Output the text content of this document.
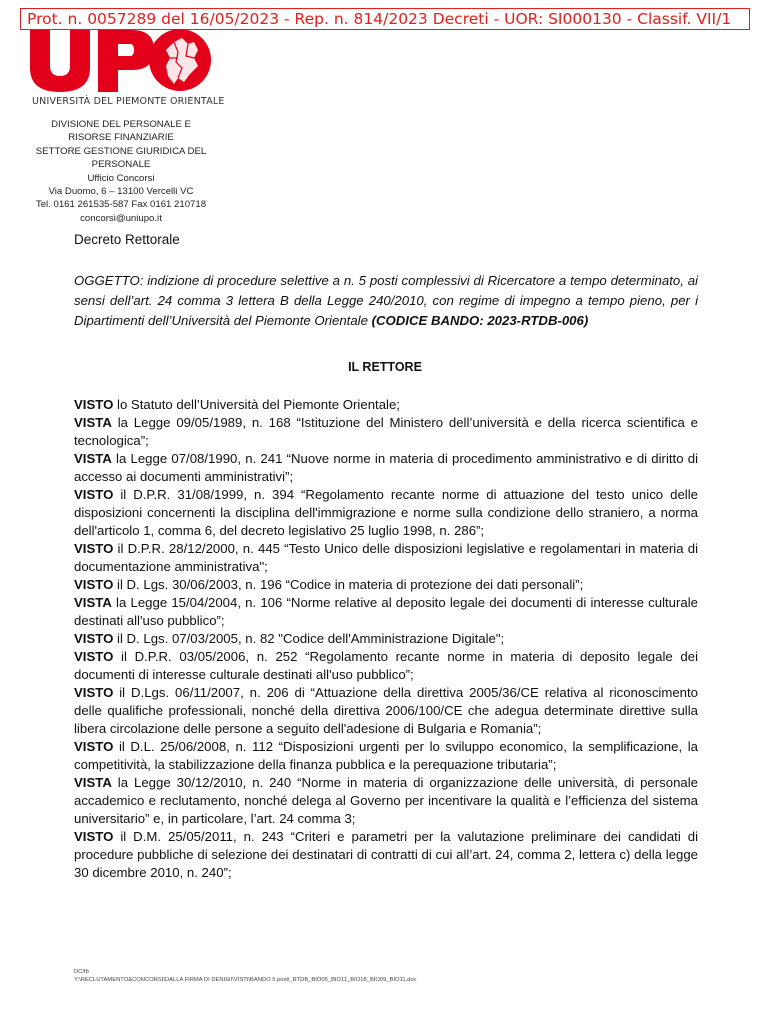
Prot. n. 0057289 del 16/05/2023 - Rep. n. 814/2023 Decreti - UOR: SI000130 - Classif. VII/1
UNIVERSITÀ DEL PIEMONTE ORIENTALE
DIVISIONE DEL PERSONALE E
RISORSE FINANZIARIE
SETTORE GESTIONE GIURIDICA DEL
PERSONALE
Ufficio Concorsi
Via Duomo, 6 – 13100 Vercelli VC
Tel. 0161 261535-587 Fax 0161 210718
concorsi@uniupo.it
Decreto Rettorale
OGGETTO: indizione di procedure selettive a n. 5 posti complessivi di Ricercatore a tempo determinato, ai sensi dell’art. 24 comma 3 lettera B della Legge 240/2010, con regime di impegno a tempo pieno, per i Dipartimenti dell’Università del Piemonte Orientale (CODICE BANDO: 2023-RTDB-006)
IL RETTORE

VISTO lo Statuto dell’Università del Piemonte Orientale;

VISTA la Legge 09/05/1989, n. 168 “Istituzione del Ministero dell’università e della ricerca scientifica e tecnologica”;

VISTA la Legge 07/08/1990, n. 241 “Nuove norme in materia di procedimento amministrativo e di diritto di accesso ai documenti amministrativi”;

VISTO il D.P.R. 31/08/1999, n. 394 “Regolamento recante norme di attuazione del testo unico delle disposizioni concernenti la disciplina dell'immigrazione e norme sulla condizione dello straniero, a norma dell'articolo 1, comma 6, del decreto legislativo 25 luglio 1998, n. 286”;

VISTO il D.P.R. 28/12/2000, n. 445 “Testo Unico delle disposizioni legislative e regolamentari in materia di documentazione amministrativa";

VISTO il D. Lgs. 30/06/2003, n. 196 “Codice in materia di protezione dei dati personali”;

VISTA la Legge 15/04/2004, n. 106 “Norme relative al deposito legale dei documenti di interesse culturale destinati all'uso pubblico”;

VISTO il D. Lgs. 07/03/2005, n. 82 "Codice dell'Amministrazione Digitale";

VISTO il D.P.R. 03/05/2006, n. 252 “Regolamento recante norme in materia di deposito legale dei documenti di interesse culturale destinati all'uso pubblico”;

VISTO il D.Lgs. 06/11/2007, n. 206 di “Attuazione della direttiva 2005/36/CE relativa al riconoscimento delle qualifiche professionali, nonché della direttiva 2006/100/CE che adegua determinate direttive sulla libera circolazione delle persone a seguito dell'adesione di Bulgaria e Romania”;

VISTO il D.L. 25/06/2008, n. 112 “Disposizioni urgenti per lo sviluppo economico, la semplificazione, la competitività, la stabilizzazione della finanza pubblica e la perequazione tributaria”;

VISTA la Legge 30/12/2010, n. 240 “Norme in materia di organizzazione delle università, di personale accademico e reclutamento, nonché delega al Governo per incentivare la qualità e l’efficienza del sistema universitario” e, in particolare, l’art. 24 comma 3;

VISTO il D.M. 25/05/2011, n. 243 “Criteri e parametri per la valutazione preliminare dei candidati di procedure pubbliche di selezione dei destinatari di contratti di cui all’art. 24, comma 2, lettera c) della legge 30 dicembre 2010, n. 240”;

DC/fb
Y:\RECLUTAMENTO&CONCORSI\DALLA FIRMA DI DENISII\VISTI\BANDO 5 posti_RTDB_BIO05_BIO11_BIO18_BIO09_BIO11.doc
